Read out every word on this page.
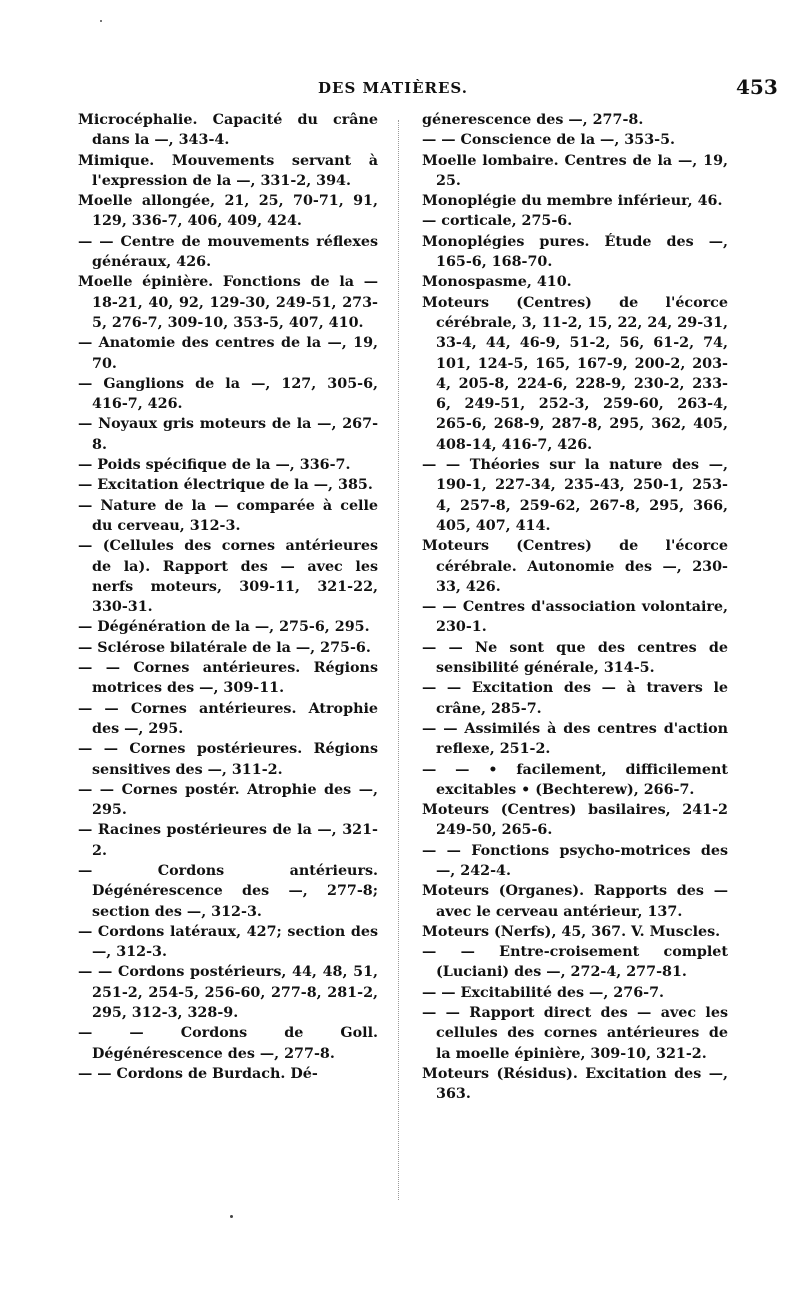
DES MATIÈRES.	453

Microcéphalie. Capacité du crâne dans la —, 343-4.

Mimique. Mouvements servant à l'expression de la —, 331-2, 394.

Moelle allongée, 21, 25, 70-71, 91, 129, 336-7, 406, 409, 424.

— — Centre de mouvements réflexes généraux, 426.

Moelle épinière. Fonctions de la — 18-21, 40, 92, 129-30, 249-51, 273-5, 276-7, 309-10, 353-5, 407, 410.

— Anatomie des centres de la —, 19, 70.

— Ganglions de la —, 127, 305-6, 416-7, 426.

— Noyaux gris moteurs de la —, 267-8.

— Poids spécifique de la —, 336-7.

— Excitation électrique de la —, 385.

— Nature de la — comparée à celle du cerveau, 312-3.

— (Cellules des cornes antérieures de la). Rapport des — avec les nerfs moteurs, 309-11, 321-22, 330-31.

— Dégénération de la —, 275-6, 295.

— Sclérose bilatérale de la —, 275-6.

— — Cornes antérieures. Régions motrices des —, 309-11.

— — Cornes antérieures. Atrophie des —, 295.

— — Cornes postérieures. Régions sensitives des —, 311-2.

— — Cornes postér. Atrophie des —, 295.

— Racines postérieures de la —, 321-2.

— Cordons antérieurs. Dégénérescence des —, 277-8; section des —, 312-3.

— Cordons latéraux, 427; section des —, 312-3.

— — Cordons postérieurs, 44, 48, 51, 251-2, 254-5, 256-60, 277-8, 281-2, 295, 312-3, 328-9.

— — Cordons de Goll. Dégénérescence des —, 277-8.

— — Cordons de Burdach. Dé-

génerescence des —, 277-8.

— — Conscience de la —, 353-5.

Moelle lombaire. Centres de la —, 19, 25.

Monoplégie du membre inférieur, 46.

— corticale, 275-6.

Monoplégies pures. Étude des —, 165-6, 168-70.

Monospasme, 410.

Moteurs (Centres) de l'écorce cérébrale, 3, 11-2, 15, 22, 24, 29-31, 33-4, 44, 46-9, 51-2, 56, 61-2, 74, 101, 124-5, 165, 167-9, 200-2, 203-4, 205-8, 224-6, 228-9, 230-2, 233-6, 249-51, 252-3, 259-60, 263-4, 265-6, 268-9, 287-8, 295, 362, 405, 408-14, 416-7, 426.

— — Théories sur la nature des —, 190-1, 227-34, 235-43, 250-1, 253-4, 257-8, 259-62, 267-8, 295, 366, 405, 407, 414.

Moteurs (Centres) de l'écorce cérébrale. Autonomie des —, 230-33, 426.

— — Centres d'association volontaire, 230-1.

— — Ne sont que des centres de sensibilité générale, 314-5.

— — Excitation des — à travers le crâne, 285-7.

— — Assimilés à des centres d'action reflexe, 251-2.

— — • facilement, difficilement excitables • (Bechterew), 266-7.

Moteurs (Centres) basilaires, 241-2 249-50, 265-6.

— — Fonctions psycho-motrices des —, 242-4.

Moteurs (Organes). Rapports des — avec le cerveau antérieur, 137.

Moteurs (Nerfs), 45, 367. V. Muscles.

— — Entre-croisement complet (Luciani) des —, 272-4, 277-81.

— — Excitabilité des —, 276-7.

— — Rapport direct des — avec les cellules des cornes antérieures de la moelle épinière, 309-10, 321-2.

Moteurs (Résidus). Excitation des —, 363.
